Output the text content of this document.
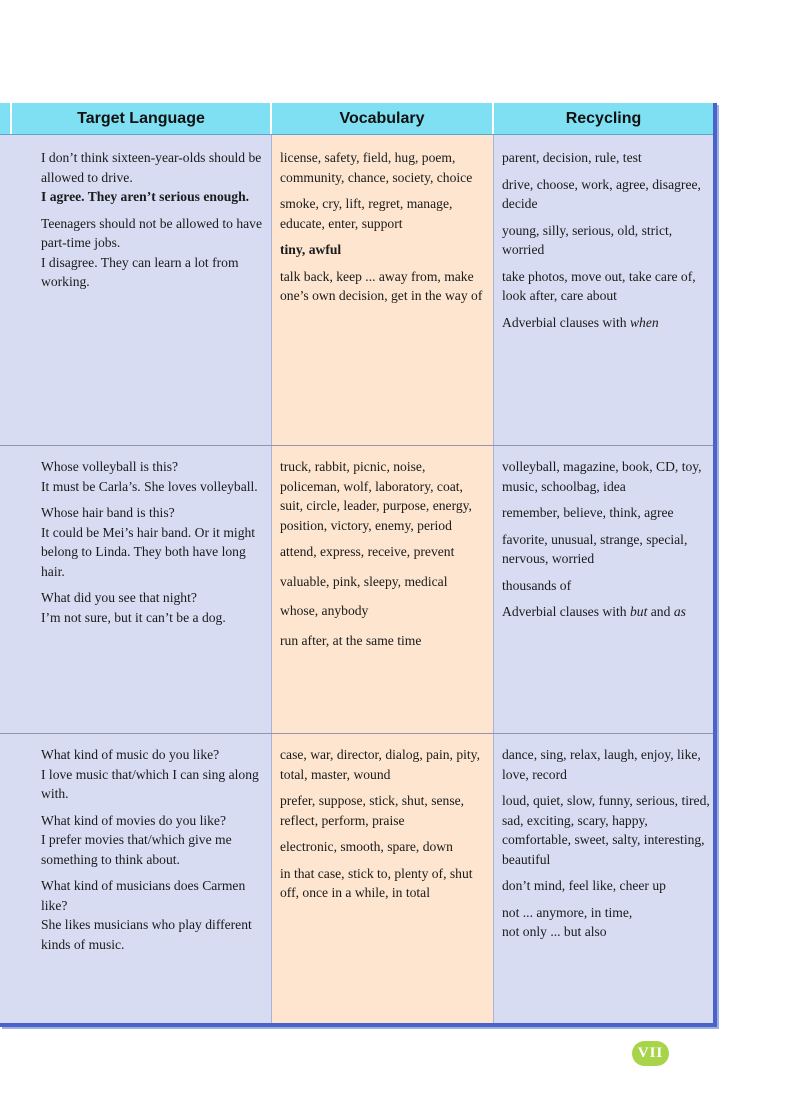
Target Language	Vocabulary	Recycling

I don’t think sixteen-year-olds should be allowed to drive.

I agree. They aren’t serious enough.

Teenagers should not be allowed to have part-time jobs.

I disagree. They can learn a lot from working.

license, safety, field, hug, poem, community, chance, society, choice

smoke, cry, lift, regret, manage, educate, enter, support

tiny, awful

talk back, keep ... away from, make one’s own decision, get in the way of

parent, decision, rule, test

drive, choose, work, agree, disagree, decide

young, silly, serious, old, strict, worried

take photos, move out, take care of, look after, care about

Adverbial clauses with when

Whose volleyball is this?

It must be Carla’s. She loves volleyball.

Whose hair band is this?

It could be Mei’s hair band. Or it might belong to Linda. They both have long hair.

What did you see that night?

I’m not sure, but it can’t be a dog.

truck, rabbit, picnic, noise, policeman, wolf, laboratory, coat, suit, circle, leader, purpose, energy, position, victory, enemy, period

attend, express, receive, prevent

valuable, pink, sleepy, medical

whose, anybody

run after, at the same time

volleyball, magazine, book, CD, toy, music, schoolbag, idea

remember, believe, think, agree

favorite, unusual, strange, special, nervous, worried

thousands of

Adverbial clauses with but and as

What kind of music do you like?

I love music that/which I can sing along with.

What kind of movies do you like?

I prefer movies that/which give me something to think about.

What kind of musicians does Carmen like?

She likes musicians who play different kinds of music.

case, war, director, dialog, pain, pity, total, master, wound

prefer, suppose, stick, shut, sense, reflect, perform, praise

electronic, smooth, spare, down

in that case, stick to, plenty of, shut off, once in a while, in total

dance, sing, relax, laugh, enjoy, like, love, record

loud, quiet, slow, funny, serious, tired, sad, exciting, scary, happy, comfortable, sweet, salty, interesting, beautiful

don’t mind, feel like, cheer up

not ... anymore, in time,

not only ... but also

VII
